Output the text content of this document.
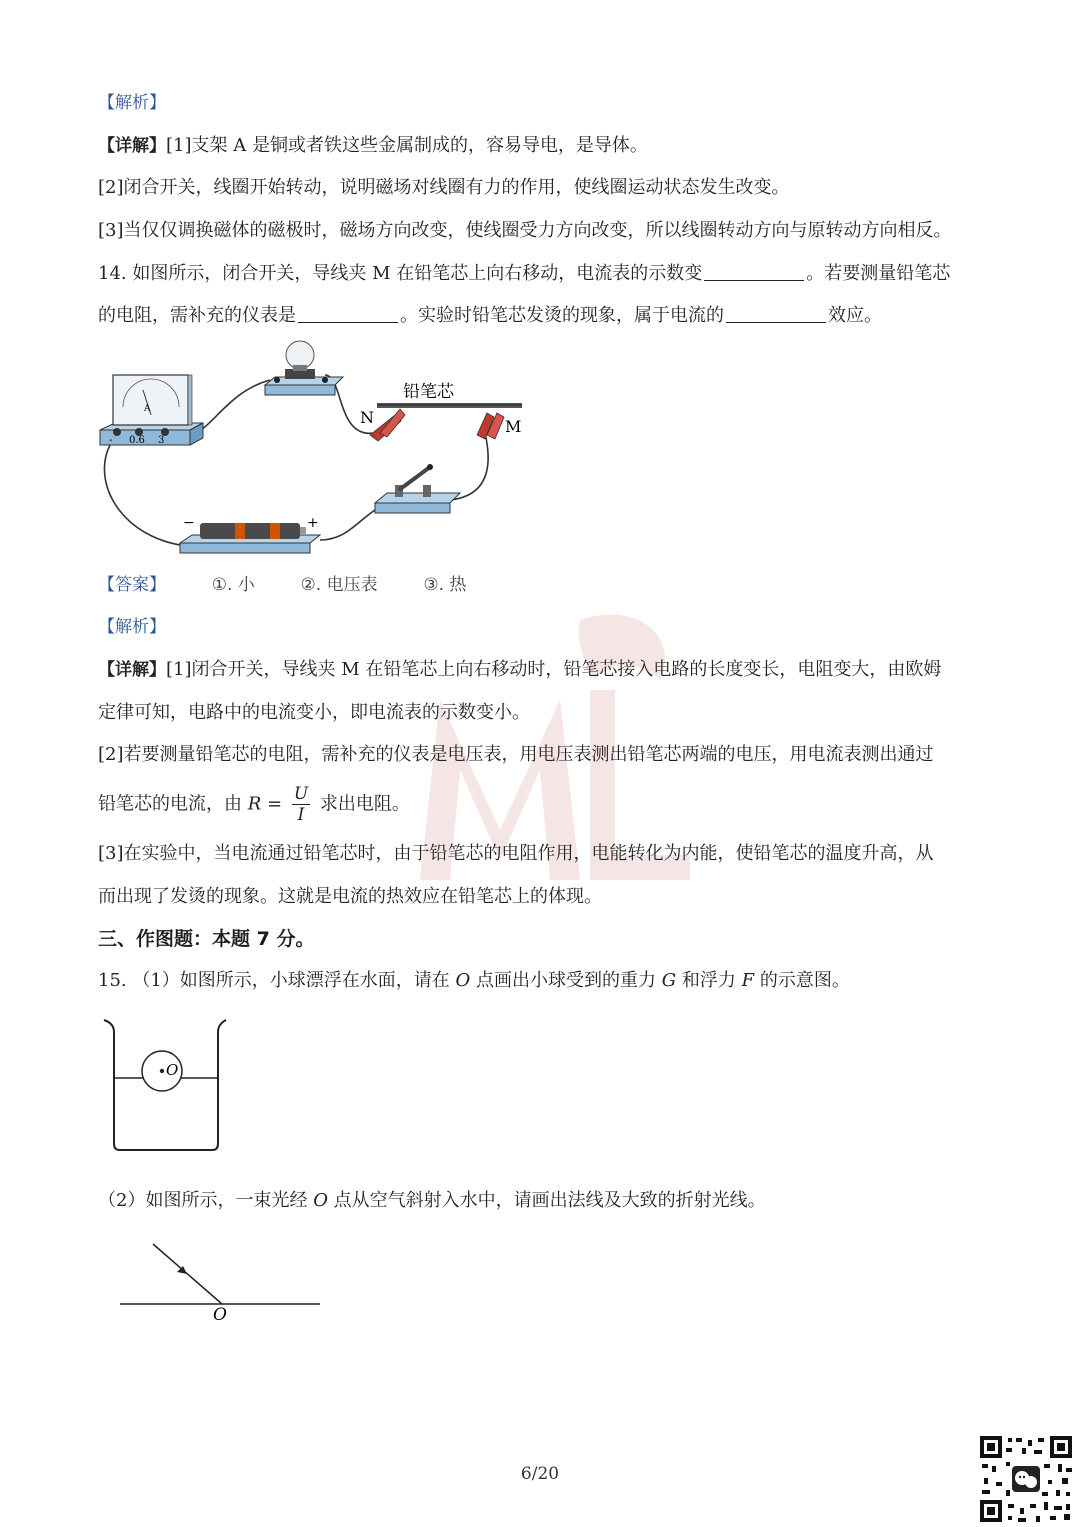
【解析】
【详解】[1]支架 A 是铜或者铁这些金属制成的，容易导电，是导体。
[2]闭合开关，线圈开始转动，说明磁场对线圈有力的作用，使线圈运动状态发生改变。
[3]当仅仅调换磁体的磁极时，磁场方向改变，使线圈受力方向改变，所以线圈转动方向与原转动方向相反。
14. 如图所示，闭合开关，导线夹 M 在铅笔芯上向右移动，电流表的示数变	。若要测量铅笔芯
的电阻，需补充的仪表是	。实验时铅笔芯发烫的现象，属于电流的	效应。
A
- 0.6 3
铅笔芯
N	M
−	+
【答案】	①. 小	②. 电压表	③. 热
【解析】
【详解】[1]闭合开关，导线夹 M 在铅笔芯上向右移动时，铅笔芯接入电路的长度变长，电阻变大，由欧姆
定律可知，电路中的电流变小，即电流表的示数变小。
[2]若要测量铅笔芯的电阻，需补充的仪表是电压表，用电压表测出铅笔芯两端的电压，用电流表测出通过
铅笔芯的电流，由 $R = \frac{U}{I}$ 求出电阻。
[3]在实验中，当电流通过铅笔芯时，由于铅笔芯的电阻作用，电能转化为内能，使铅笔芯的温度升高，从
而出现了发烫的现象。这就是电流的热效应在铅笔芯上的体现。
三、作图题：本题 7 分。
15. （1）如图所示，小球漂浮在水面，请在 O 点画出小球受到的重力 G 和浮力 F 的示意图。
O
（2）如图所示，一束光经 O 点从空气斜射入水中，请画出法线及大致的折射光线。
O
6/20
